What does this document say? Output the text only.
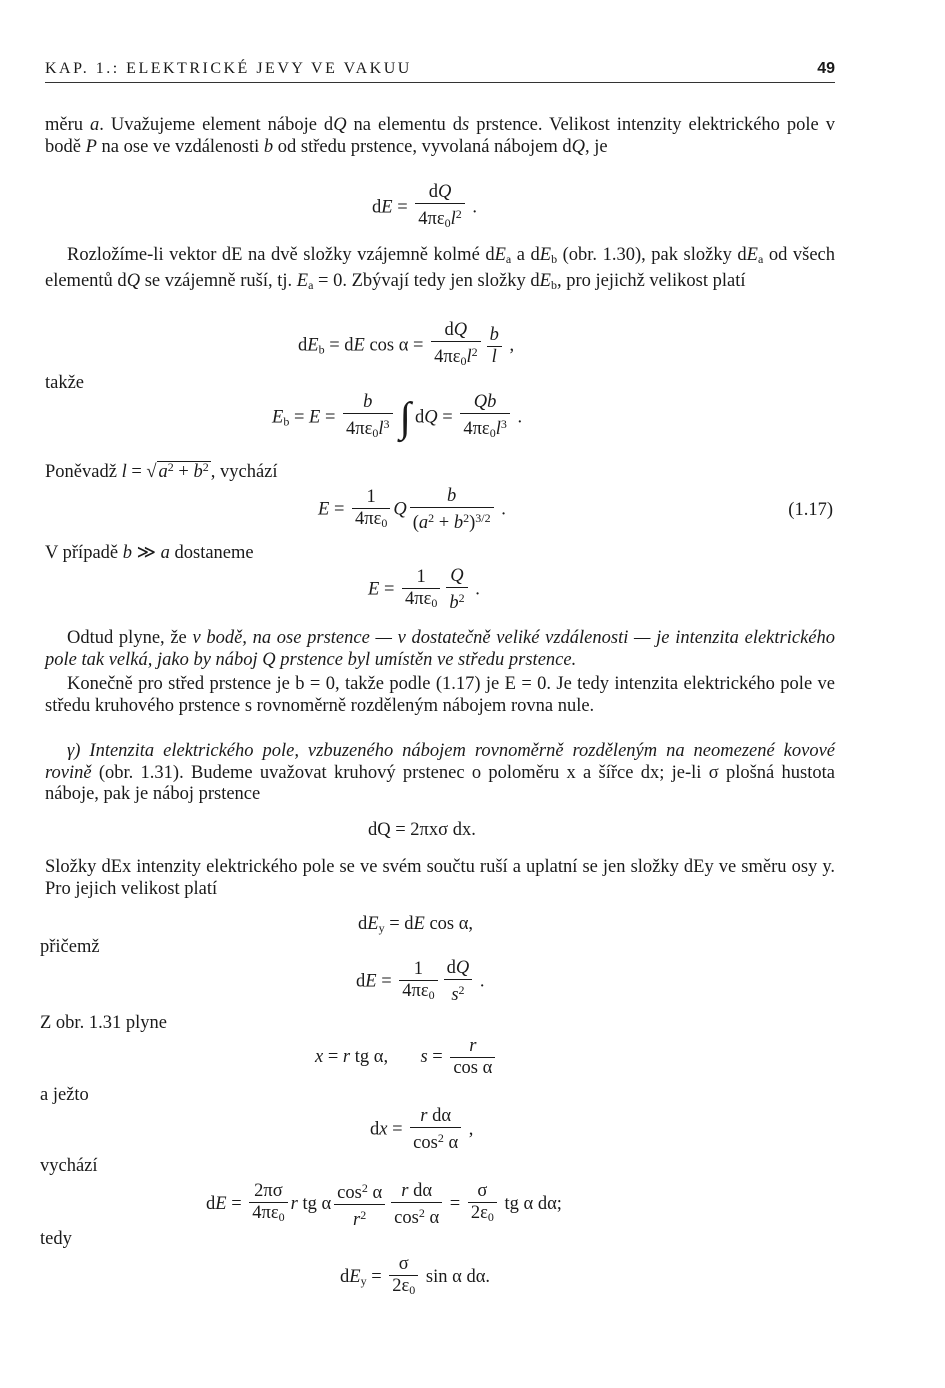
KAP. 1.: ELEKTRICKÉ JEVY VE VAKUU	49
měru a. Uvažujeme element náboje dQ na elementu ds prstence. Velikost intenzity elektrického pole v bodě P na ose ve vzdálenosti b od středu prstence, vyvolaná nábojem dQ, je
dE = $\frac{dQ}{4\pi\varepsilon_0l^2}$ .
Rozložíme-li vektor dE na dvě složky vzájemně kolmé $dE_a$ a $dE_b$ (obr. 1.30), pak složky $dE_a$ od všech elementů dQ se vzájemně ruší, tj. $E_a = 0$. Zbývají tedy jen složky $dE_b$, pro jejichž velikost platí
$dE_b$ = dE $\cos \alpha = \frac{dQ}{4\pi\varepsilon_0l^2} \frac{b}{l}$ ,
takže
$E_b = E = \frac{b}{4\pi\varepsilon_0l^3}$ ∫ dQ = $\frac{Qb}{4\pi\varepsilon_0l^3}$ .
Poněvadž l = √ $a^2 + b^2$ , vychází
$E = \frac{1}{4\pi\varepsilon_0}$ Q $\frac{b}{(a^2 + b^2)^{3/2}}$ .	(1.17)
V případě b ≫ a dostaneme
$E = \frac{1}{4\pi\varepsilon_0} \frac{Q}{b^2}$ .
Odtud plyne, že v bodě, na ose prstence — v dostatečně veliké vzdálenosti — je intenzita elektrického pole tak velká, jako by náboj Q prstence byl umístěn ve středu prstence.
Konečně pro střed prstence je b = 0, takže podle (1.17) je E = 0. Je tedy intenzita elektrického pole ve středu kruhového prstence s rovnoměrně rozděleným nábojem rovna nule.
γ) Intenzita elektrického pole, vzbuzeného nábojem rovnoměrně rozděleným na neomezené kovové rovině (obr. 1.31). Budeme uvažovat kruhový prstenec o poloměru x a šířce dx; je-li σ plošná hustota náboje, pak je náboj prstence
dQ = 2πxσ dx.
Složky dEx intenzity elektrického pole se ve svém součtu ruší a uplatní se jen složky dEy ve směru osy y. Pro jejich velikost platí
$dE_y$ = dE cos α,
přičemž
dE = $\frac{1}{4\pi\varepsilon_0} \frac{dQ}{s^2}$ .
Z obr. 1.31 plyne
x = r tg α,       $s = \frac{r}{\text{cos α}}$
a ježto
dx = $\frac{\text{r dα}}{\cos^2 \alpha}$ ,
vychází
dE = $\frac{2\pi\sigma}{4\pi\varepsilon_0}$ r tg α $\frac{\cos^2 \alpha}{r^2} \frac{\text{r dα}}{\cos^2 \alpha} = \frac{\sigma}{2\varepsilon_0}$ tg α dα;
tedy
$dE_y = \frac{\sigma}{2\varepsilon_0}$ sin α dα.
